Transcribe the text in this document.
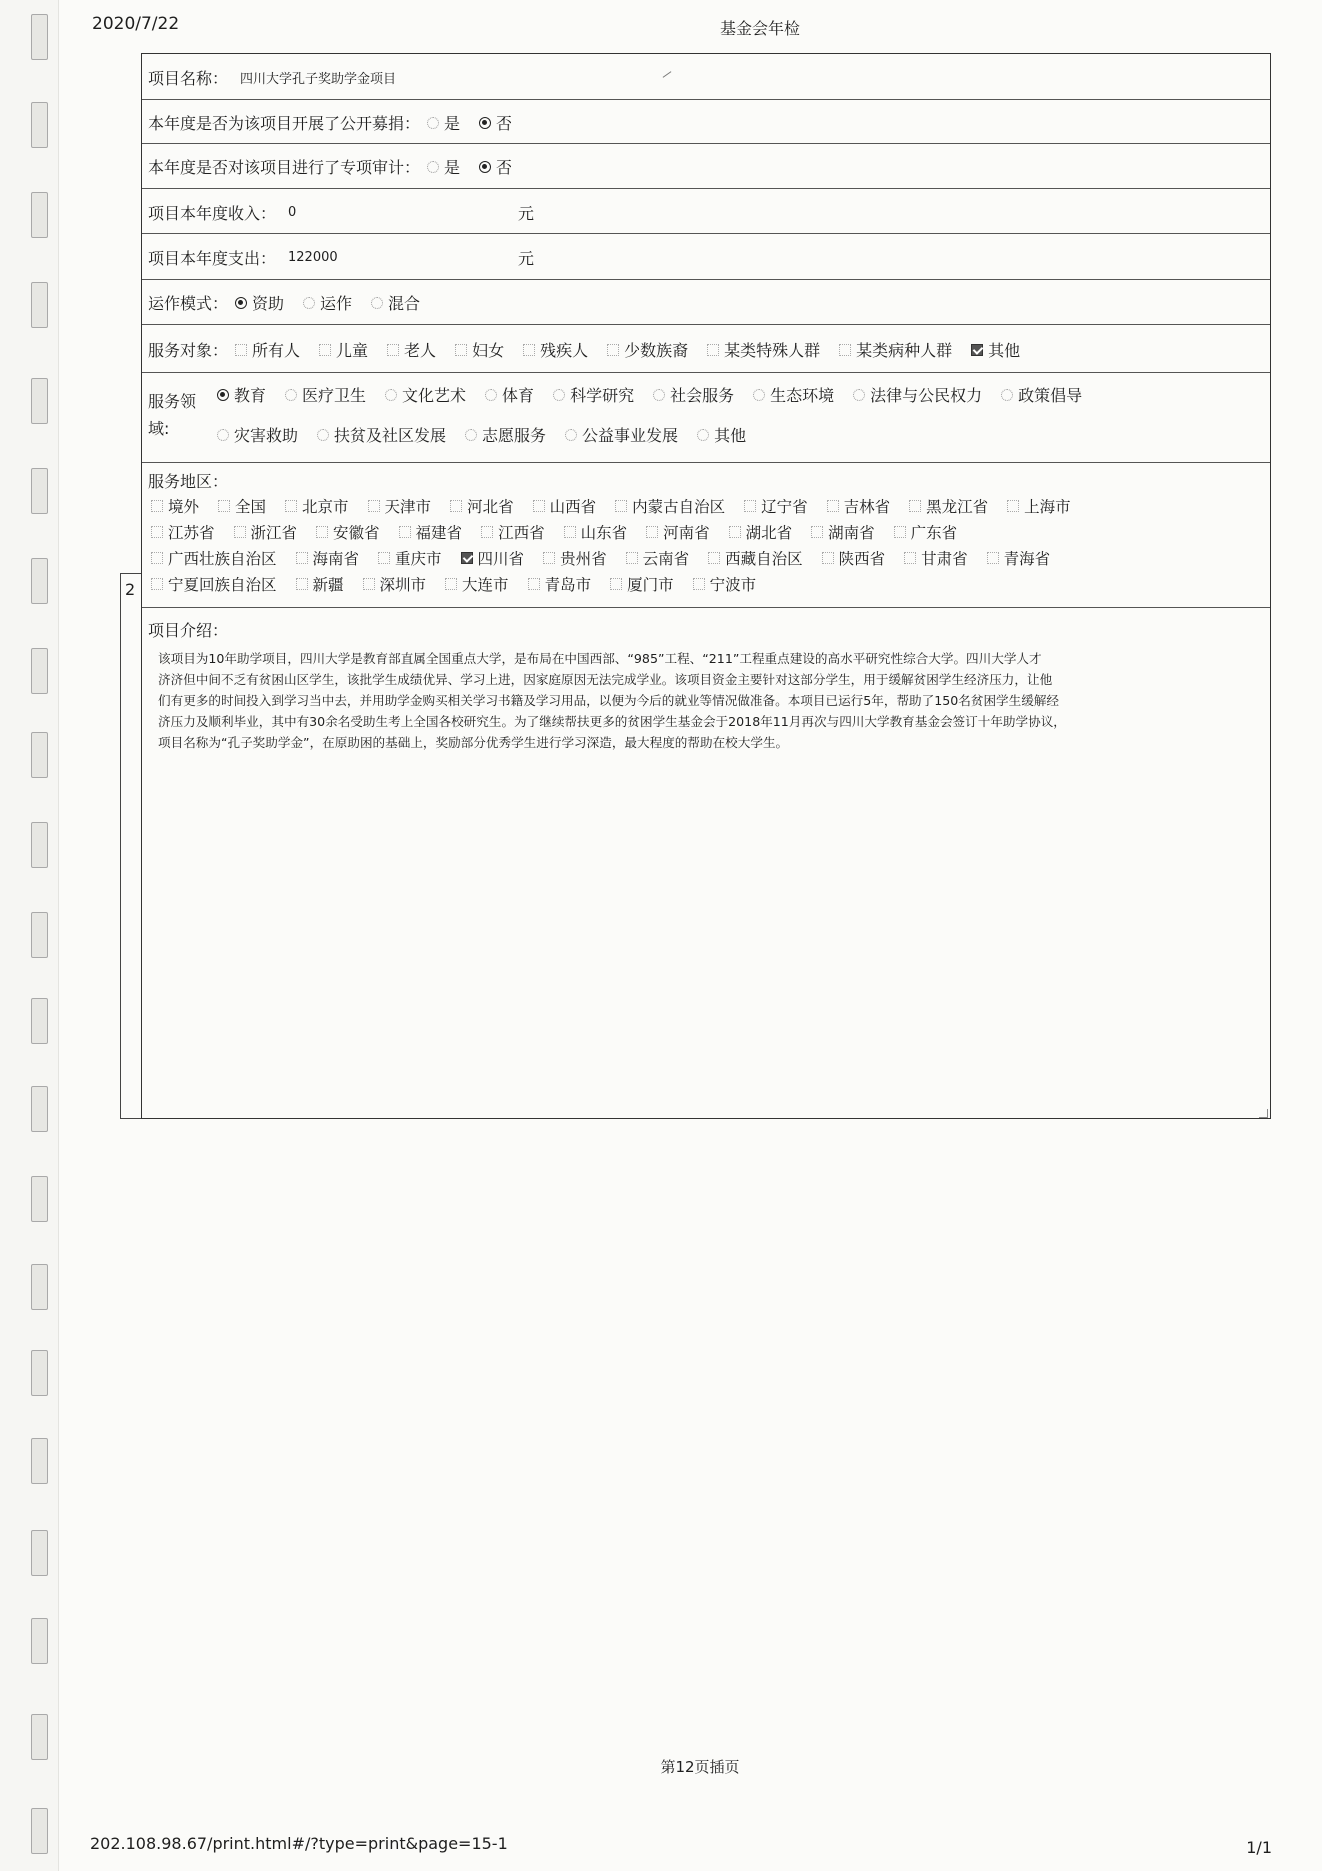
2020/7/22	基金会年检
2
项目名称： 四川大学孔子奖助学金项目
本年度是否为该项目开展了公开募捐： 是 否
本年度是否对该项目进行了专项审计： 是 否
项目本年度收入： 0	元
项目本年度支出： 122000	元
运作模式： 资助 运作 混合
服务对象： 所有人 儿童 老人 妇女 残疾人 少数族裔 某类特殊人群 某类病种人群 其他
服务领
域:
教育 医疗卫生 文化艺术 体育 科学研究 社会服务 生态环境 法律与公民权力 政策倡导
灾害救助 扶贫及社区发展 志愿服务 公益事业发展 其他
服务地区：
境外 全国 北京市 天津市 河北省 山西省 内蒙古自治区 辽宁省 吉林省 黑龙江省 上海市
江苏省 浙江省 安徽省 福建省 江西省 山东省 河南省 湖北省 湖南省 广东省
广西壮族自治区 海南省 重庆市 四川省 贵州省 云南省 西藏自治区 陕西省 甘肃省 青海省
宁夏回族自治区 新疆 深圳市 大连市 青岛市 厦门市 宁波市
项目介绍：
该项目为10年助学项目，四川大学是教育部直属全国重点大学，是布局在中国西部、“985”工程、“211”工程重点建设的高水平研究性综合大学。四川大学人才
济济但中间不乏有贫困山区学生，该批学生成绩优异、学习上进，因家庭原因无法完成学业。该项目资金主要针对这部分学生，用于缓解贫困学生经济压力，让他
们有更多的时间投入到学习当中去，并用助学金购买相关学习书籍及学习用品，以便为今后的就业等情况做准备。本项目已运行5年，帮助了150名贫困学生缓解经
济压力及顺利毕业，其中有30余名受助生考上全国各校研究生。为了继续帮扶更多的贫困学生基金会于2018年11月再次与四川大学教育基金会签订十年助学协议，
项目名称为“孔子奖助学金”，在原助困的基础上，奖励部分优秀学生进行学习深造，最大程度的帮助在校大学生。
第12页插页
202.108.98.67/print.html#/?type=print&page=15-1	1/1
